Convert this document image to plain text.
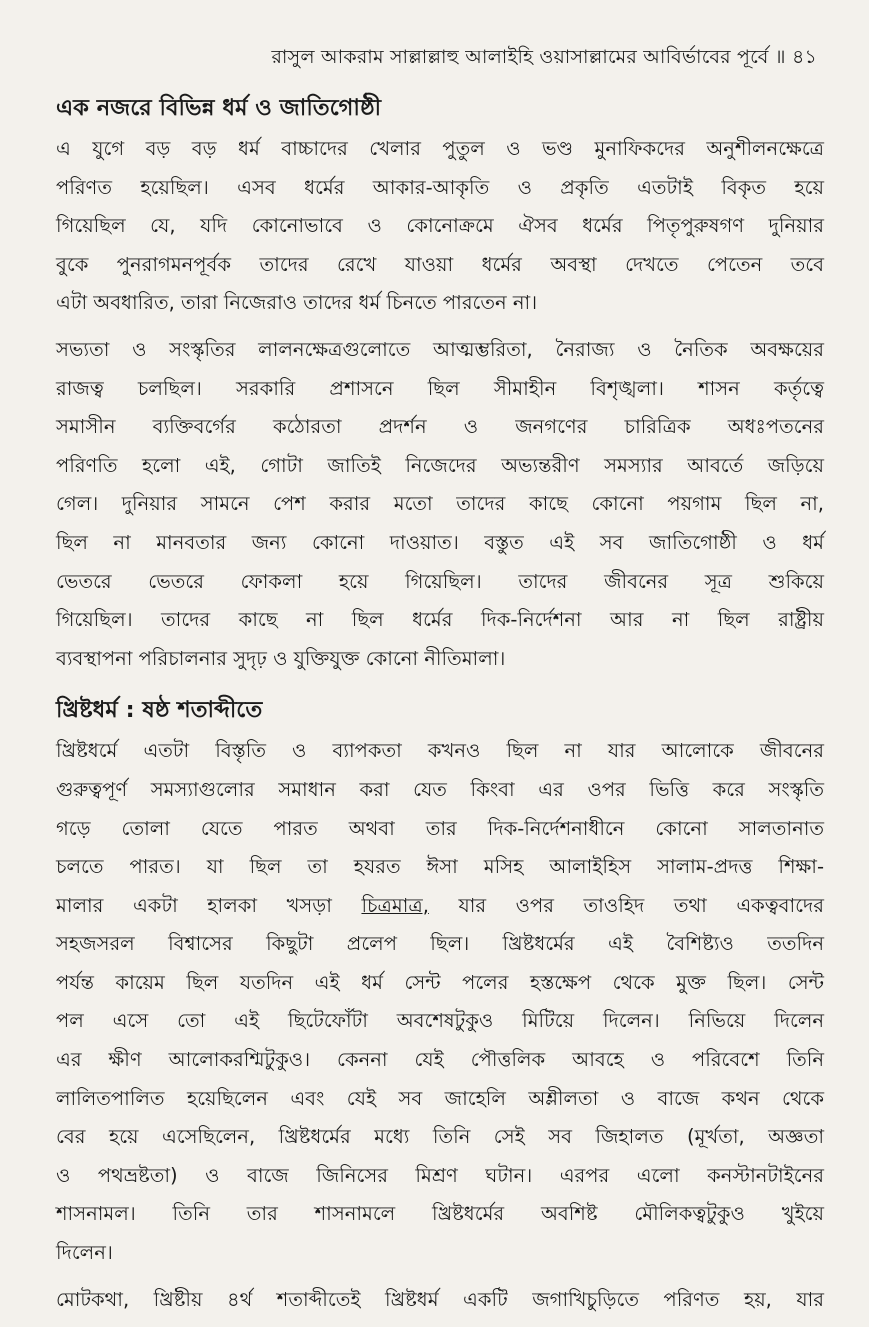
রাসুল আকরাম সাল্লাল্লাহু আলাইহি ওয়াসাল্লামের আবির্ভাবের পূর্বে ॥ ৪১
এক নজরে বিভিন্ন ধর্ম ও জাতিগোষ্ঠী
এ যুগে বড় বড় ধর্ম বাচ্চাদের খেলার পুতুল ও ভণ্ড মুনাফিকদের অনুশীলনক্ষেত্রে
পরিণত হয়েছিল। এসব ধর্মের আকার-আকৃতি ও প্রকৃতি এতটাই বিকৃত হয়ে
গিয়েছিল যে, যদি কোনোভাবে ও কোনোক্রমে ঐসব ধর্মের পিতৃপুরুষগণ দুনিয়ার
বুকে পুনরাগমনপূর্বক তাদের রেখে যাওয়া ধর্মের অবস্থা দেখতে পেতেন তবে
এটা অবধারিত, তারা নিজেরাও তাদের ধর্ম চিনতে পারতেন না।
সভ্যতা ও সংস্কৃতির লালনক্ষেত্রগুলোতে আত্মম্ভরিতা, নৈরাজ্য ও নৈতিক অবক্ষয়ের
রাজত্ব চলছিল। সরকারি প্রশাসনে ছিল সীমাহীন বিশৃঙ্খলা। শাসন কর্তৃত্বে
সমাসীন ব্যক্তিবর্গের কঠোরতা প্রদর্শন ও জনগণের চারিত্রিক অধঃপতনের
পরিণতি হলো এই, গোটা জাতিই নিজেদের অভ্যন্তরীণ সমস্যার আবর্তে জড়িয়ে
গেল। দুনিয়ার সামনে পেশ করার মতো তাদের কাছে কোনো পয়গাম ছিল না,
ছিল না মানবতার জন্য কোনো দাওয়াত। বস্তুত এই সব জাতিগোষ্ঠী ও ধর্ম
ভেতরে ভেতরে ফোকলা হয়ে গিয়েছিল। তাদের জীবনের সূত্র শুকিয়ে
গিয়েছিল। তাদের কাছে না ছিল ধর্মের দিক-নির্দেশনা আর না ছিল রাষ্ট্রীয়
ব্যবস্থাপনা পরিচালনার সুদৃঢ় ও যুক্তিযুক্ত কোনো নীতিমালা।
খ্রিষ্টধর্ম : ষষ্ঠ শতাব্দীতে
খ্রিষ্টধর্মে এতটা বিস্তৃতি ও ব্যাপকতা কখনও ছিল না যার আলোকে জীবনের
গুরুত্বপূর্ণ সমস্যাগুলোর সমাধান করা যেত কিংবা এর ওপর ভিত্তি করে সংস্কৃতি
গড়ে তোলা যেতে পারত অথবা তার দিক-নির্দেশনাধীনে কোনো সালতানাত
চলতে পারত। যা ছিল তা হযরত ঈসা মসিহ আলাইহিস সালাম-প্রদত্ত শিক্ষা-
মালার একটা হালকা খসড়া চিত্রমাত্র, যার ওপর তাওহিদ তথা একত্ববাদের
সহজসরল বিশ্বাসের কিছুটা প্রলেপ ছিল। খ্রিষ্টধর্মের এই বৈশিষ্ট্যও ততদিন
পর্যন্ত কায়েম ছিল যতদিন এই ধর্ম সেন্ট পলের হস্তক্ষেপ থেকে মুক্ত ছিল। সেন্ট
পল এসে তো এই ছিটেফোঁটা অবশেষটুকুও মিটিয়ে দিলেন। নিভিয়ে দিলেন
এর ক্ষীণ আলোকরশ্মিটুকুও। কেননা যেই পৌত্তলিক আবহে ও পরিবেশে তিনি
লালিতপালিত হয়েছিলেন এবং যেই সব জাহেলি অশ্লীলতা ও বাজে কথন থেকে
বের হয়ে এসেছিলেন, খ্রিষ্টধর্মের মধ্যে তিনি সেই সব জিহালত (মূর্খতা, অজ্ঞতা
ও পথভ্রষ্টতা) ও বাজে জিনিসের মিশ্রণ ঘটান। এরপর এলো কনস্টানটাইনের
শাসনামল। তিনি তার শাসনামলে খ্রিষ্টধর্মের অবশিষ্ট মৌলিকত্বটুকুও খুইয়ে
দিলেন।
মোটকথা, খ্রিষ্টীয় ৪র্থ শতাব্দীতেই খ্রিষ্টধর্ম একটি জগাখিচুড়িতে পরিণত হয়, যার
